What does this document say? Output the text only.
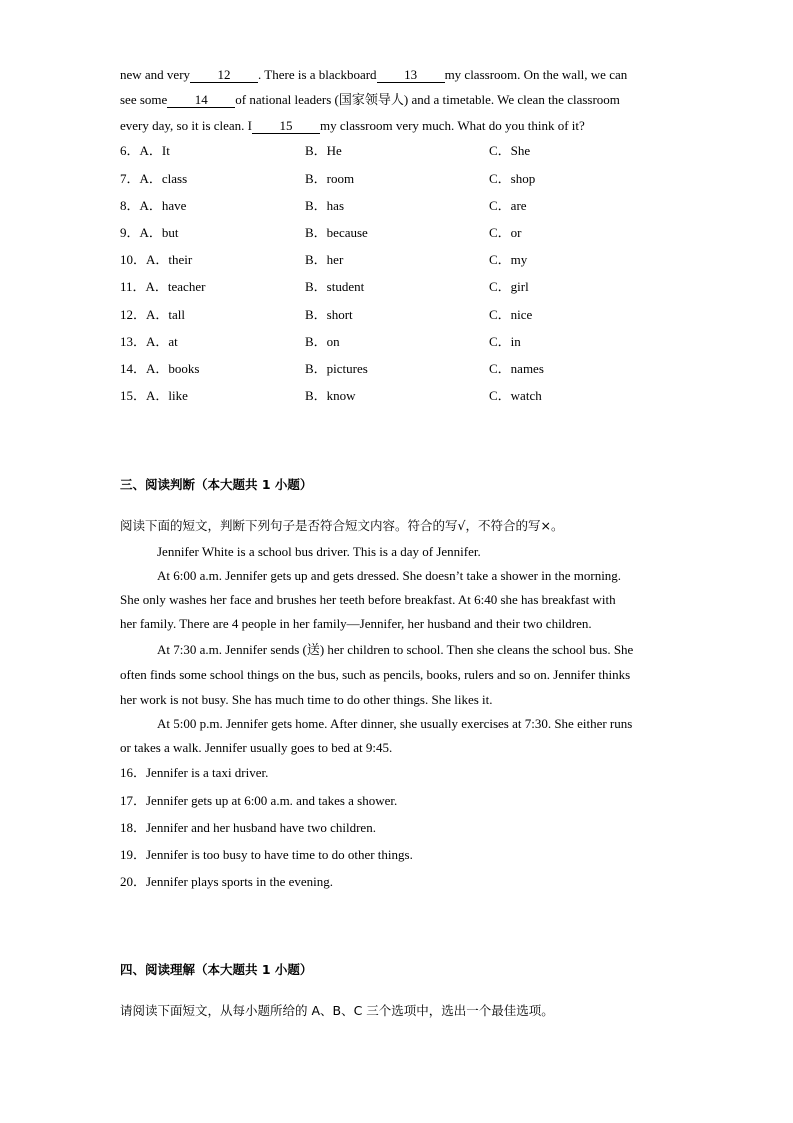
new and very 12 . There is a blackboard 13 my classroom. On the wall, we can
see some 14 of national leaders (国家领导人) and a timetable. We clean the classroom
every day, so it is clean. I 15 my classroom very much. What do you think of it?
6．A．It	B．He	C．She
7．A．class	B．room	C．shop
8．A．have	B．has	C．are
9．A．but	B．because	C．or
10．A．their	B．her	C．my
11．A．teacher	B．student	C．girl
12．A．tall	B．short	C．nice
13．A．at	B．on	C．in
14．A．books	B．pictures	C．names
15．A．like	B．know	C．watch
三、阅读判断（本大题共 1 小题）
阅读下面的短文，判断下列句子是否符合短文内容。符合的写√，不符合的写×。
Jennifer White is a school bus driver. This is a day of Jennifer.
At 6:00 a.m. Jennifer gets up and gets dressed. She doesn’t take a shower in the morning.
She only washes her face and brushes her teeth before breakfast. At 6:40 she has breakfast with
her family. There are 4 people in her family—Jennifer, her husband and their two children.
At 7:30 a.m. Jennifer sends (送) her children to school. Then she cleans the school bus. She
often finds some school things on the bus, such as pencils, books, rulers and so on. Jennifer thinks
her work is not busy. She has much time to do other things. She likes it.
At 5:00 p.m. Jennifer gets home. After dinner, she usually exercises at 7:30. She either runs
or takes a walk. Jennifer usually goes to bed at 9:45.
16．Jennifer is a taxi driver.
17．Jennifer gets up at 6:00 a.m. and takes a shower.
18．Jennifer and her husband have two children.
19．Jennifer is too busy to have time to do other things.
20．Jennifer plays sports in the evening.
四、阅读理解（本大题共 1 小题）
请阅读下面短文，从每小题所给的 A、B、C 三个选项中，选出一个最佳选项。
